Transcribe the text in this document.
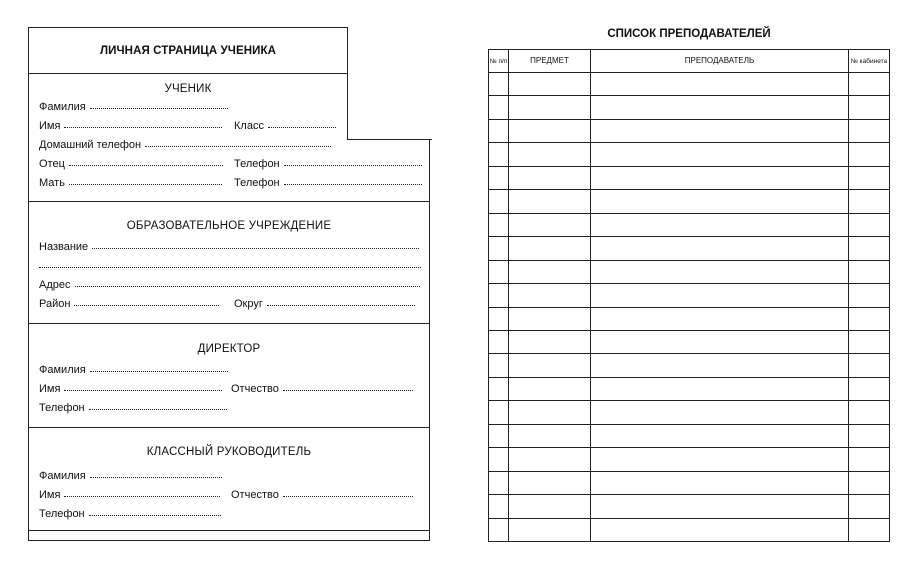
ЛИЧНАЯ СТРАНИЦА УЧЕНИКА
УЧЕНИК
Фамилия
Имя	Класс
Домашний телефон
Отец	Телефон
Мать	Телефон
ОБРАЗОВАТЕЛЬНОЕ УЧРЕЖДЕНИЕ
Название
Адрес
Район	Округ
ДИРЕКТОР
Фамилия
Имя	Отчество
Телефон
КЛАССНЫЙ РУКОВОДИТЕЛЬ
Фамилия
Имя	Отчество
Телефон
СПИСОК ПРЕПОДАВАТЕЛЕЙ
№ п/п	ПРЕДМЕТ	ПРЕПОДАВАТЕЛЬ	№ кабинета
